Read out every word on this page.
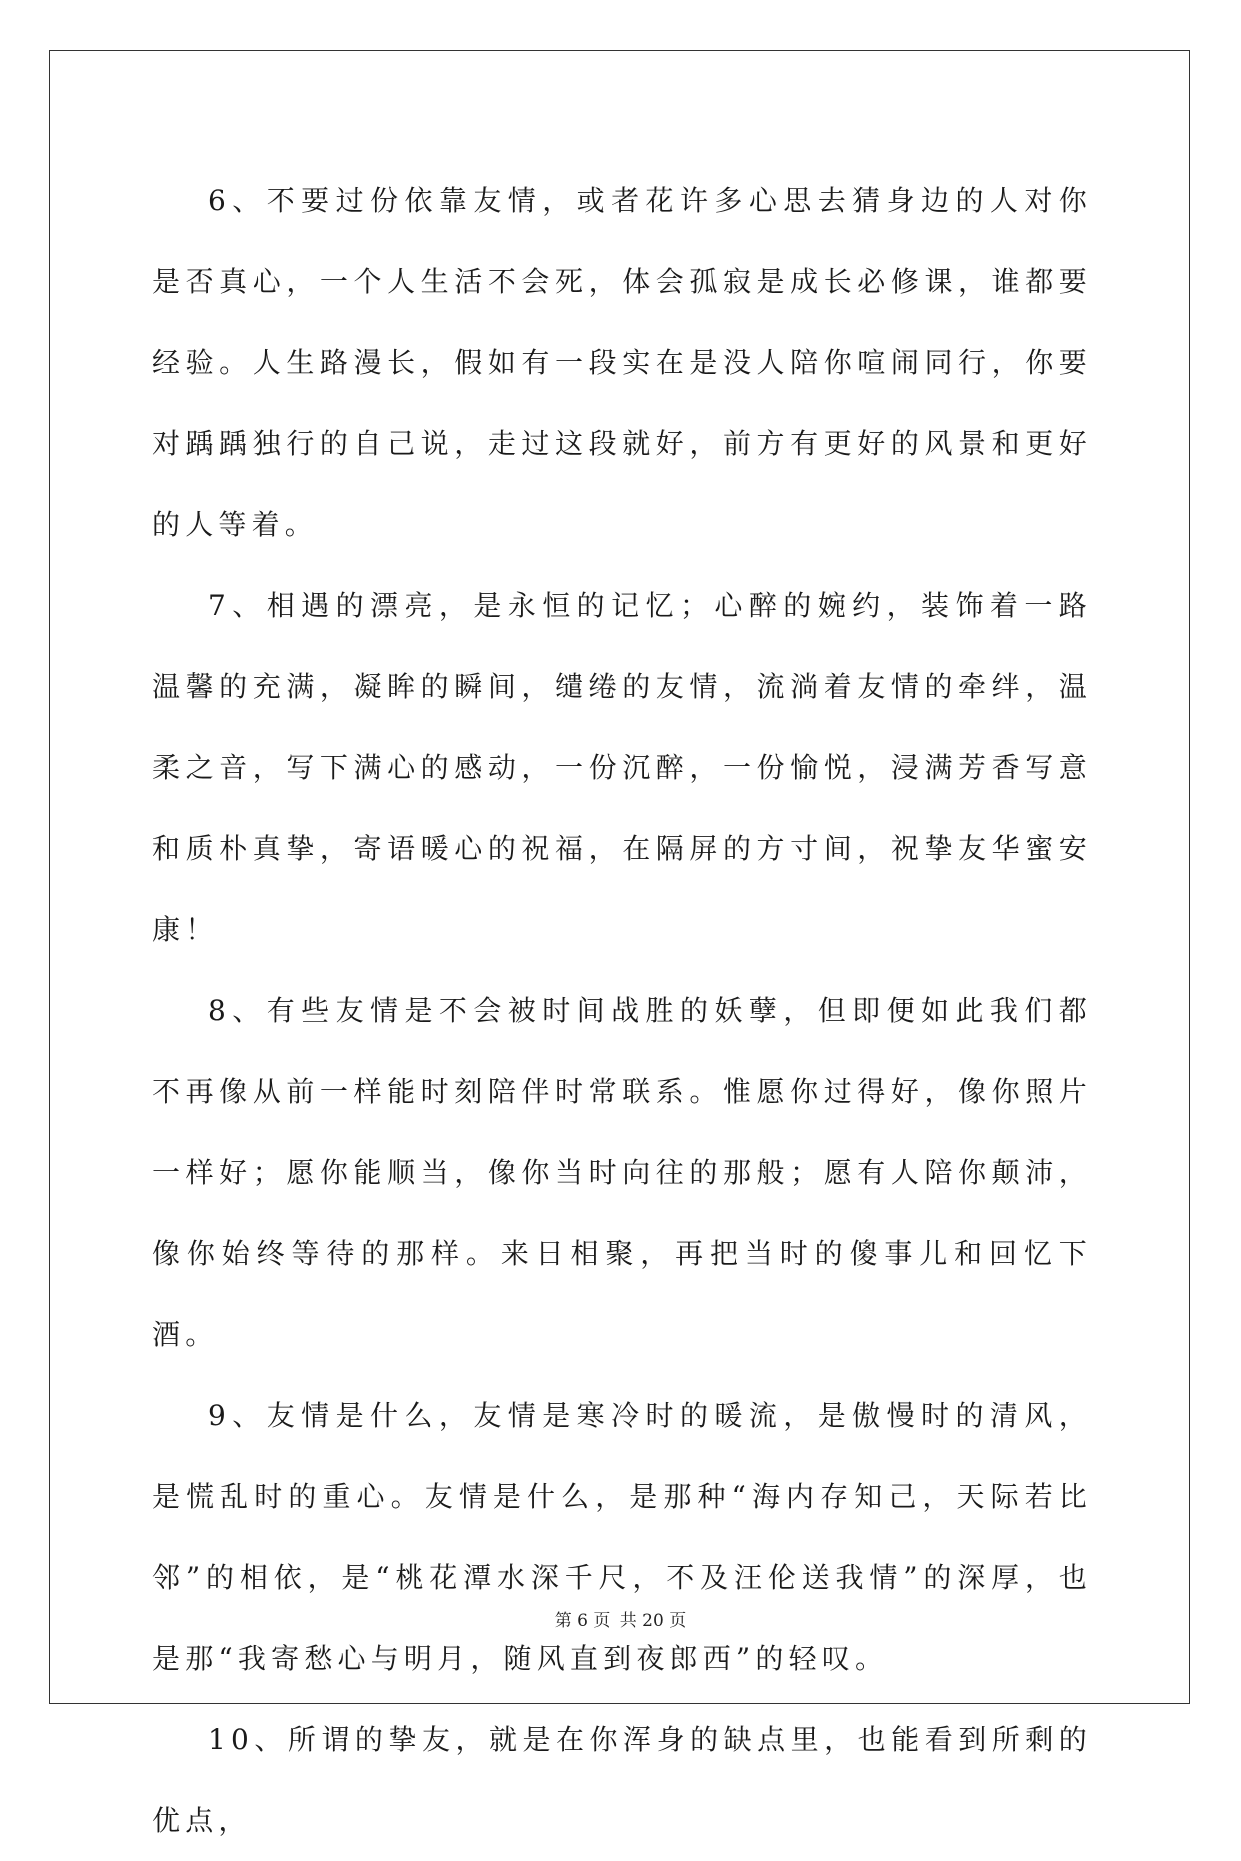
6、不要过份依靠友情，或者花许多心思去猜身边的人对你是否真心，一个人生活不会死，体会孤寂是成长必修课，谁都要经验。人生路漫长，假如有一段实在是没人陪你喧闹同行，你要对踽踽独行的自己说，走过这段就好，前方有更好的风景和更好的人等着。

7、相遇的漂亮，是永恒的记忆；心醉的婉约，装饰着一路温馨的充满，凝眸的瞬间，缱绻的友情，流淌着友情的牵绊，温柔之音，写下满心的感动，一份沉醉，一份愉悦，浸满芳香写意和质朴真挚，寄语暖心的祝福，在隔屏的方寸间，祝挚友华蜜安康！

8、有些友情是不会被时间战胜的妖孽，但即便如此我们都不再像从前一样能时刻陪伴时常联系。惟愿你过得好，像你照片一样好；愿你能顺当，像你当时向往的那般；愿有人陪你颠沛，像你始终等待的那样。来日相聚，再把当时的傻事儿和回忆下酒。

9、友情是什么，友情是寒冷时的暖流，是傲慢时的清风，是慌乱时的重心。友情是什么，是那种“海内存知己，天际若比邻”的相依，是“桃花潭水深千尺，不及汪伦送我情”的深厚，也是那“我寄愁心与明月，随风直到夜郎西”的轻叹。

10、所谓的挚友，就是在你浑身的缺点里，也能看到所剩的优点，

第 6 页 共 20 页
